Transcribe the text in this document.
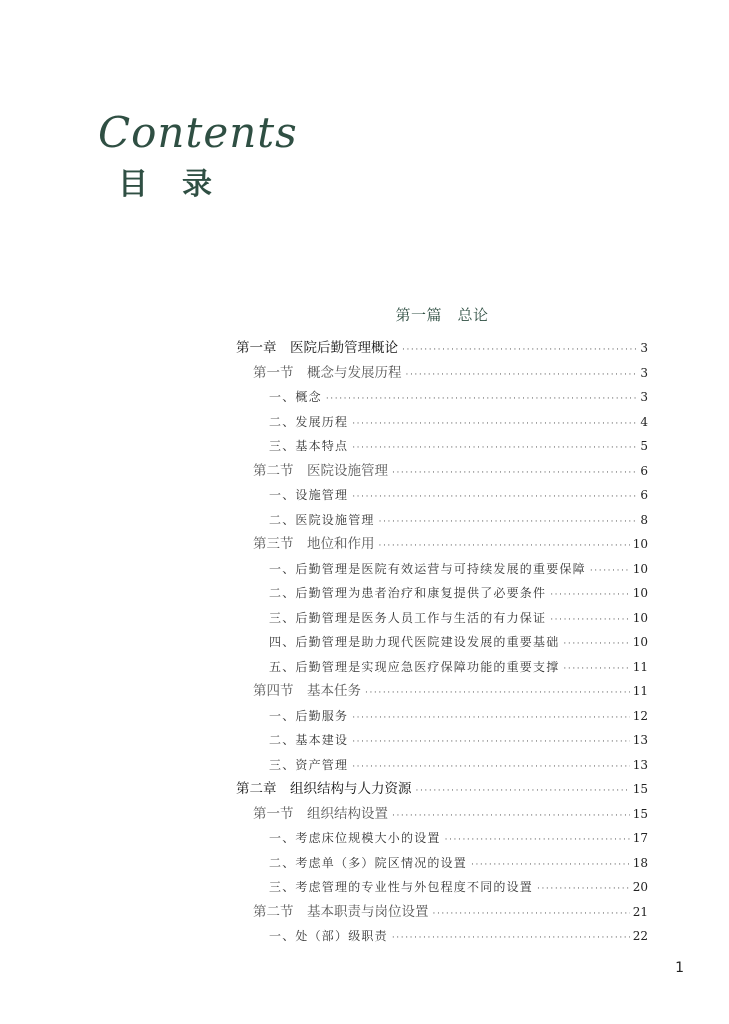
Contents
目录
第一篇　总论
第一章　医院后勤管理概论 ·····	3
第一节　概念与发展历程 ·····	3
一、概念 ·····	3
二、发展历程 ·····	4
三、基本特点 ·····	5
第二节　医院设施管理 ·····	6
一、设施管理 ·····	6
二、医院设施管理 ·····	8
第三节　地位和作用 ·····	10
一、后勤管理是医院有效运营与可持续发展的重要保障 ·····	10
二、后勤管理为患者治疗和康复提供了必要条件 ·····	10
三、后勤管理是医务人员工作与生活的有力保证 ·····	10
四、后勤管理是助力现代医院建设发展的重要基础 ·····	10
五、后勤管理是实现应急医疗保障功能的重要支撑 ·····	11
第四节　基本任务 ·····	11
一、后勤服务 ·····	12
二、基本建设 ·····	13
三、资产管理 ·····	13
第二章　组织结构与人力资源 ·····	15
第一节　组织结构设置 ·····	15
一、考虑床位规模大小的设置 ·····	17
二、考虑单（多）院区情况的设置 ·····	18
三、考虑管理的专业性与外包程度不同的设置 ·····	20
第二节　基本职责与岗位设置 ·····	21
一、处（部）级职责 ·····	22
1
